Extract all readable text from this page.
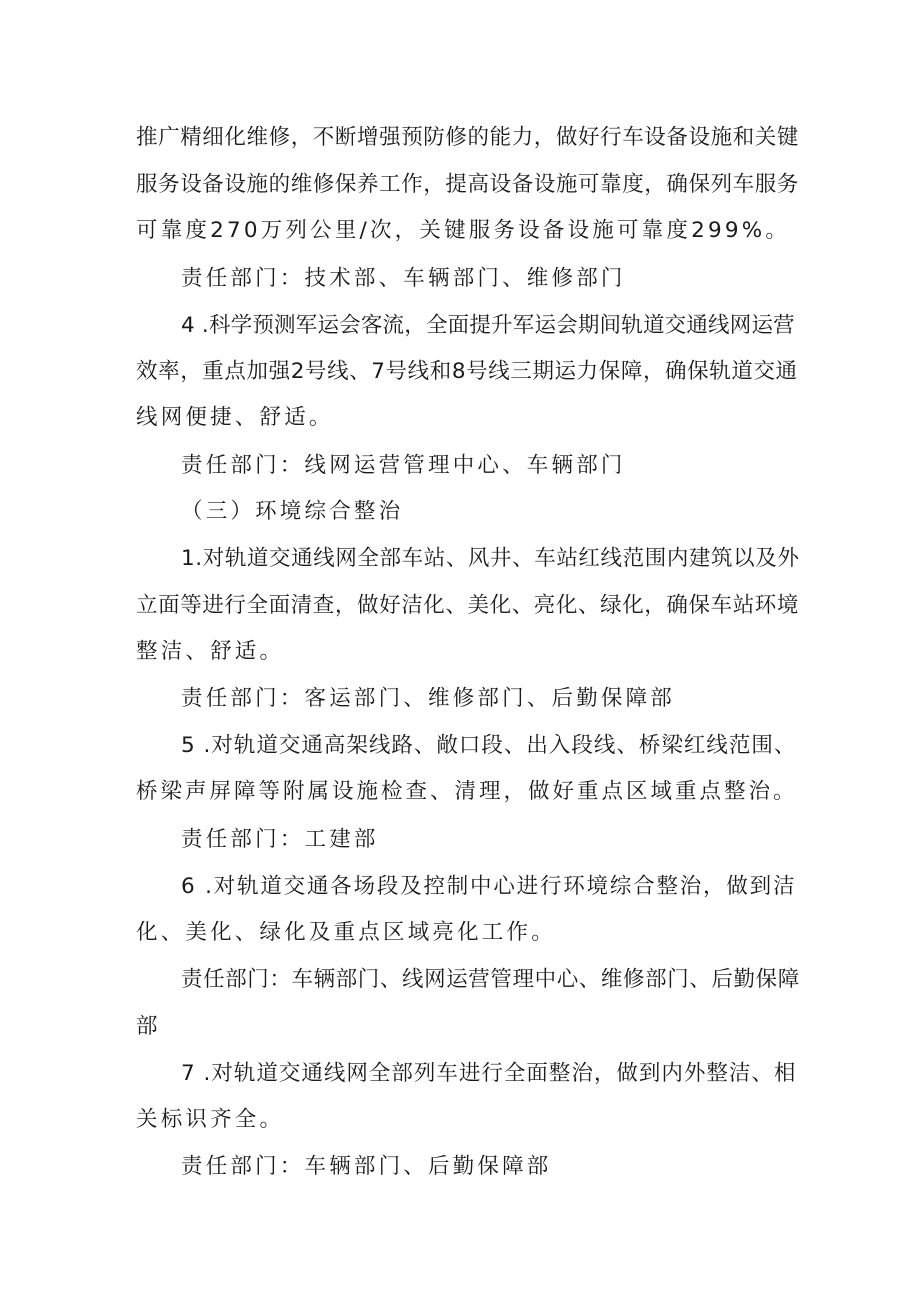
推广精细化维修，不断增强预防修的能力，做好行车设备设施和关键
服务设备设施的维修保养工作，提高设备设施可靠度，确保列车服务
可靠度270万列公里/次，关键服务设备设施可靠度299%。
责任部门：技术部、车辆部门、维修部门
4 .科学预测军运会客流，全面提升军运会期间轨道交通线网运营
效率，重点加强2号线、7号线和8号线三期运力保障，确保轨道交通
线网便捷、舒适。
责任部门：线网运营管理中心、车辆部门
（三）环境综合整治
1.对轨道交通线网全部车站、风井、车站红线范围内建筑以及外
立面等进行全面清查，做好洁化、美化、亮化、绿化，确保车站环境
整洁、舒适。
责任部门：客运部门、维修部门、后勤保障部
5 .对轨道交通高架线路、敞口段、出入段线、桥梁红线范围、
桥梁声屏障等附属设施检查、清理，做好重点区域重点整治。
责任部门：工建部
6 .对轨道交通各场段及控制中心进行环境综合整治，做到洁
化、美化、绿化及重点区域亮化工作。
责任部门：车辆部门、线网运营管理中心、维修部门、后勤保障
部
7 .对轨道交通线网全部列车进行全面整治，做到内外整洁、相
关标识齐全。
责任部门：车辆部门、后勤保障部
